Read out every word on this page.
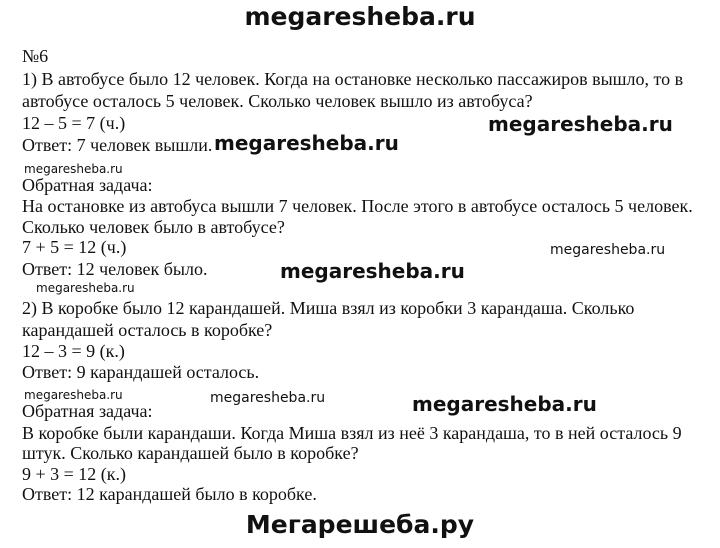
megaresheba.ru
№6
1) В автобусе было 12 человек. Когда на остановке несколько пассажиров вышло, то в
автобусе осталось 5 человек. Сколько человек вышло из автобуса?
12 – 5 = 7 (ч.)
Ответ: 7 человек вышли.
Обратная задача:
На остановке из автобуса вышли 7 человек. После этого в автобусе осталось 5 человек.
Сколько человек было в автобусе?
7 + 5 = 12 (ч.)
Ответ: 12 человек было.
2) В коробке было 12 карандашей. Миша взял из коробки 3 карандаша. Сколько
карандашей осталось в коробке?
12 – 3 = 9 (к.)
Ответ: 9 карандашей осталось.
Обратная задача:
В коробке были карандаши. Когда Миша взял из неё 3 карандаша, то в ней осталось 9
штук. Сколько карандашей было в коробке?
9 + 3 = 12 (к.)
Ответ: 12 карандашей было в коробке.
megaresheba.ru
megaresheba.ru
megaresheba.ru
megaresheba.ru
megaresheba.ru
megaresheba.ru
megaresheba.ru	megaresheba.ru	megaresheba.ru
Мегарешеба.ру
